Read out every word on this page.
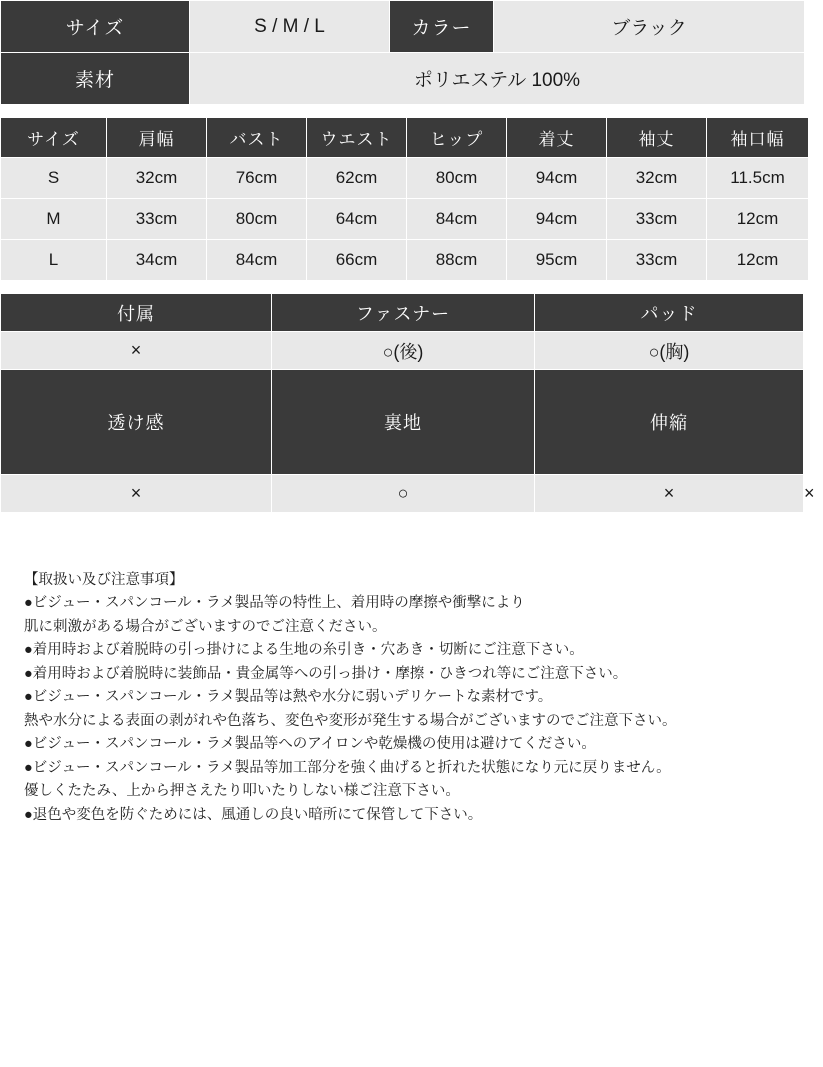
サイズ	S / M / L	カラー	ブラック
素材	ポリエステル 100%		
サイズ	肩幅	バスト	ウエスト	ヒップ	着丈	袖丈	袖口幅
S	32cm	76cm	62cm	80cm	94cm	32cm	11.5cm
M	33cm	80cm	64cm	84cm	94cm	33cm	12cm
L	34cm	84cm	66cm	88cm	95cm	33cm	12cm
付属	ファスナー	パッド	
×	○(後)	○(胸)	
透け感	裏地	伸縮	ポケット
×	○	×	×
【取扱い及び注意事項】
●ビジュー・スパンコール・ラメ製品等の特性上、着用時の摩擦や衝撃により
肌に刺激がある場合がございますのでご注意ください。
●着用時および着脱時の引っ掛けによる生地の糸引き・穴あき・切断にご注意下さい。
●着用時および着脱時に装飾品・貴金属等への引っ掛け・摩擦・ひきつれ等にご注意下さい。
●ビジュー・スパンコール・ラメ製品等は熱や水分に弱いデリケートな素材です。
熱や水分による表面の剥がれや色落ち、変色や変形が発生する場合がございますのでご注意下さい。
●ビジュー・スパンコール・ラメ製品等へのアイロンや乾燥機の使用は避けてください。
●ビジュー・スパンコール・ラメ製品等加工部分を強く曲げると折れた状態になり元に戻りません。
優しくたたみ、上から押さえたり叩いたりしない様ご注意下さい。
●退色や変色を防ぐためには、風通しの良い暗所にて保管して下さい。
